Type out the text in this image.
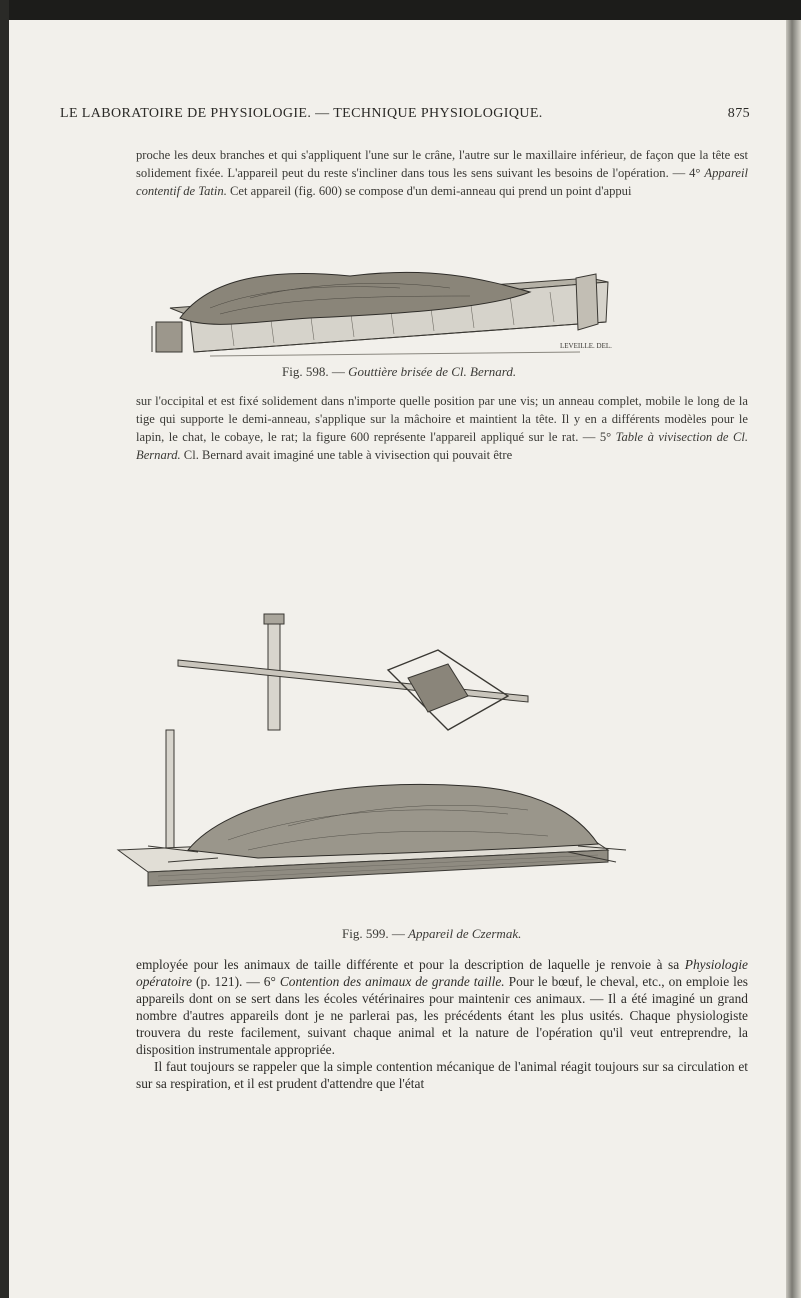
LE LABORATOIRE DE PHYSIOLOGIE. — TECHNIQUE PHYSIOLOGIQUE.	875
proche les deux branches et qui s'appliquent l'une sur le crâne, l'autre sur le maxillaire inférieur, de façon que la tête est solidement fixée. L'appareil peut du reste s'incliner dans tous les sens suivant les besoins de l'opération. — 4° Appareil contentif de Tatin. Cet appareil (fig. 600) se compose d'un demi-anneau qui prend un point d'appui
LEVEILLE. DEL.
Fig. 598. — Gouttière brisée de Cl. Bernard.
sur l'occipital et est fixé solidement dans n'importe quelle position par une vis; un anneau complet, mobile le long de la tige qui supporte le demi-anneau, s'applique sur la mâchoire et maintient la tête. Il y en a différents modèles pour le lapin, le chat, le cobaye, le rat; la figure 600 représente l'appareil appliqué sur le rat. — 5° Table à vivisection de Cl. Bernard. Cl. Bernard avait imaginé une table à vivisection qui pouvait être
Fig. 599. — Appareil de Czermak.
employée pour les animaux de taille différente et pour la description de laquelle je renvoie à sa Physiologie opératoire (p. 121). — 6° Contention des animaux de grande taille. Pour le bœuf, le cheval, etc., on emploie les appareils dont on se sert dans les écoles vétérinaires pour maintenir ces animaux. — Il a été imaginé un grand nombre d'autres appareils dont je ne parlerai pas, les précédents étant les plus usités. Chaque physiologiste trouvera du reste facilement, suivant chaque animal et la nature de l'opération qu'il veut entreprendre, la disposition instrumentale appropriée.
Il faut toujours se rappeler que la simple contention mécanique de l'animal réagit toujours sur sa circulation et sur sa respiration, et il est prudent d'attendre que l'état
